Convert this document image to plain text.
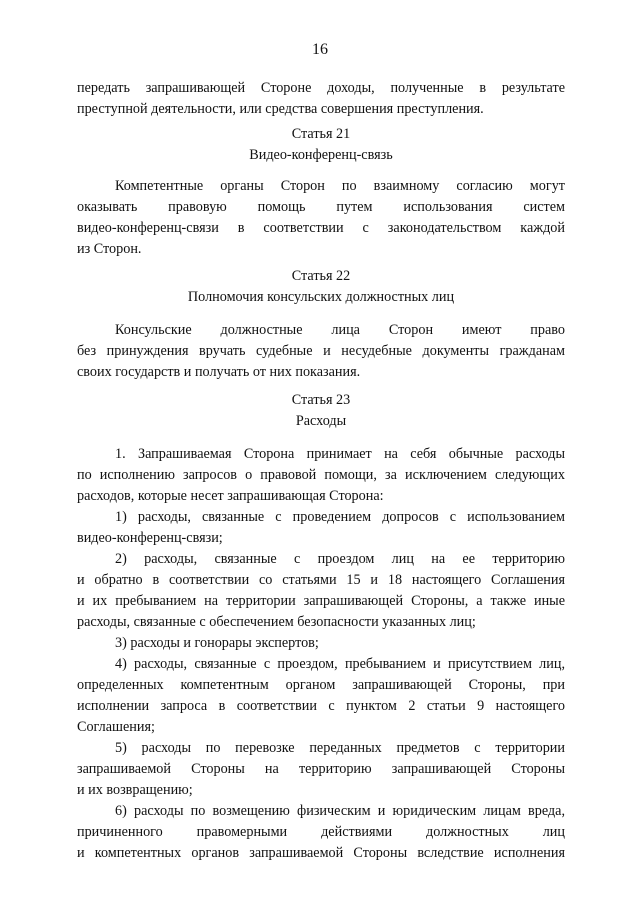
16
передать запрашивающей Стороне доходы, полученные в результате
преступной деятельности, или средства совершения преступления.
Статья 21
Видео-конференц-связь
Компетентные органы Сторон по взаимному согласию могут
оказывать правовую помощь путем использования систем
видео-конференц-связи в соответствии с законодательством каждой
из Сторон.
Статья 22
Полномочия консульских должностных лиц
Консульские должностные лица Сторон имеют право
без принуждения вручать судебные и несудебные документы гражданам
своих государств и получать от них показания.
Статья 23
Расходы
1. Запрашиваемая Сторона принимает на себя обычные расходы
по исполнению запросов о правовой помощи, за исключением следующих
расходов, которые несет запрашивающая Сторона:
1) расходы, связанные с проведением допросов с использованием
видео-конференц-связи;
2) расходы, связанные с проездом лиц на ее территорию
и обратно в соответствии со статьями 15 и 18 настоящего Соглашения
и их пребыванием на территории запрашивающей Стороны, а также иные
расходы, связанные с обеспечением безопасности указанных лиц;
3) расходы и гонорары экспертов;
4) расходы, связанные с проездом, пребыванием и присутствием лиц,
определенных компетентным органом запрашивающей Стороны, при
исполнении запроса в соответствии с пунктом 2 статьи 9 настоящего
Соглашения;
5) расходы по перевозке переданных предметов с территории
запрашиваемой Стороны на территорию запрашивающей Стороны
и их возвращению;
6) расходы по возмещению физическим и юридическим лицам вреда,
причиненного правомерными действиями должностных лиц
и компетентных органов запрашиваемой Стороны вследствие исполнения
